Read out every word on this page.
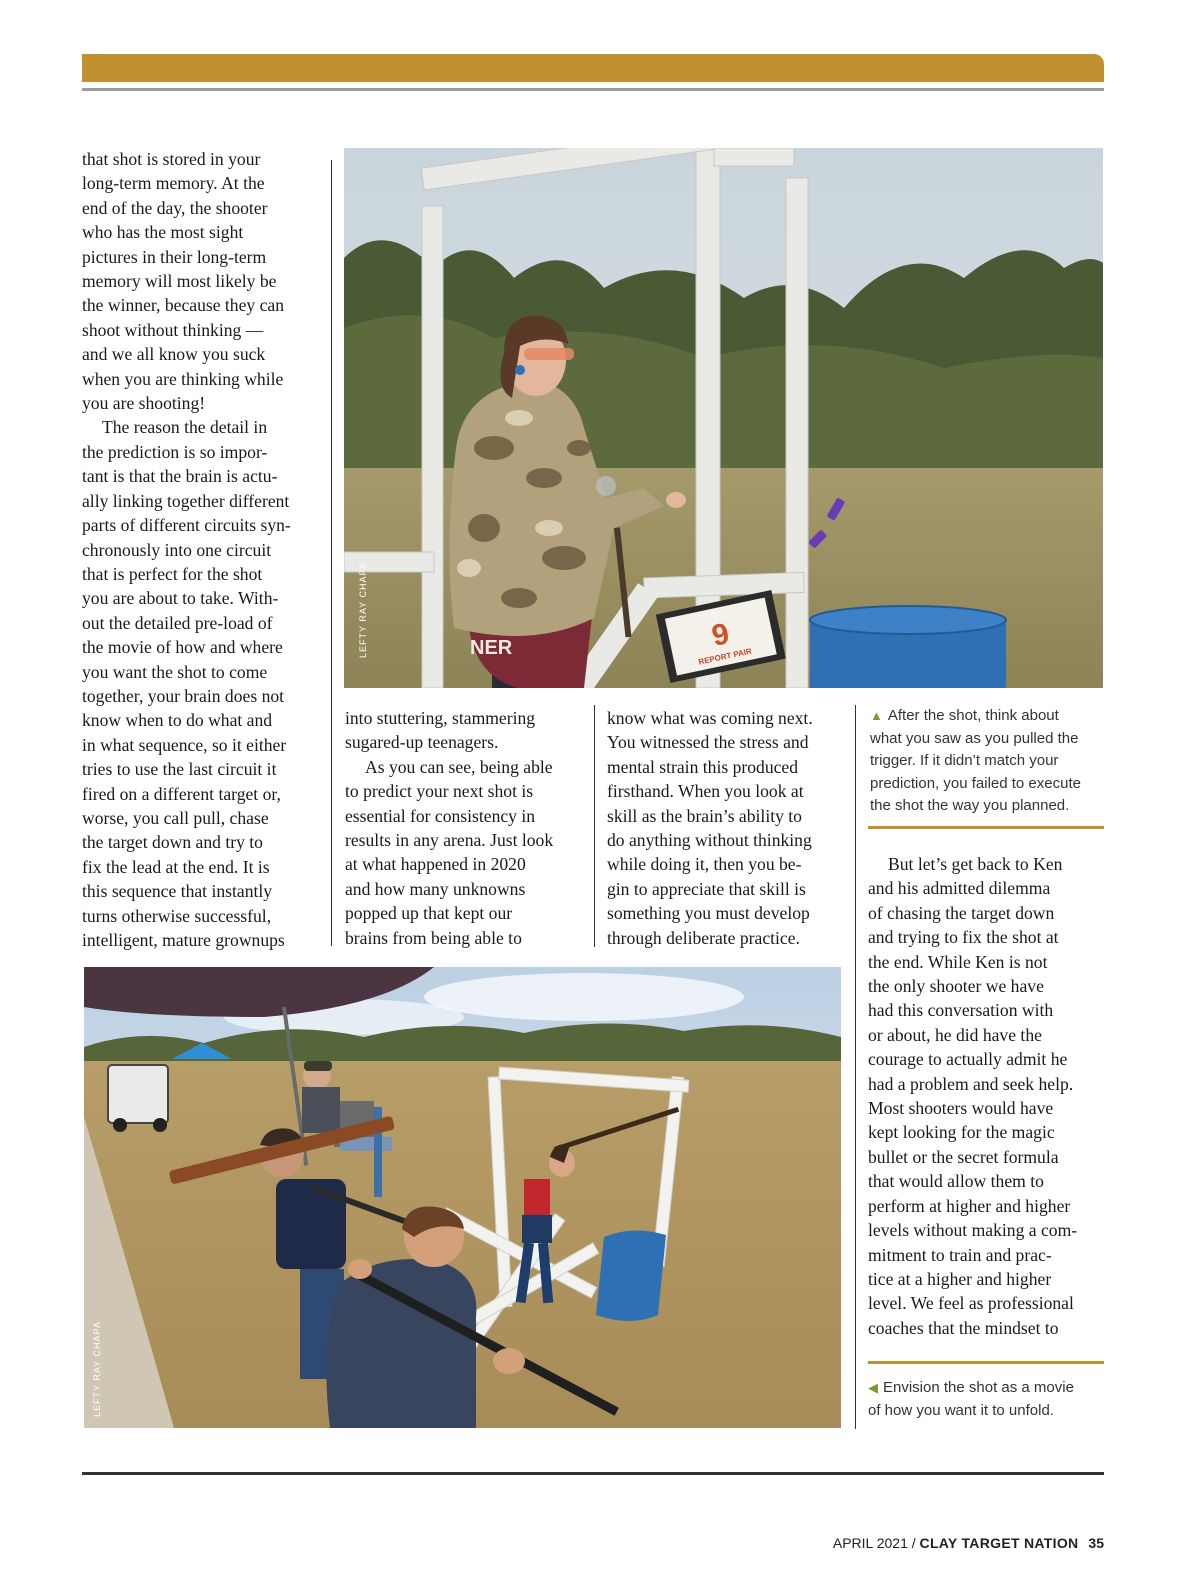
that shot is stored in your
long-term memory. At the
end of the day, the shooter
who has the most sight
pictures in their long-term
memory will most likely be
the winner, because they can
shoot without thinking —
and we all know you suck
when you are thinking while
you are shooting!

The reason the detail in
the prediction is so impor-
tant is that the brain is actu-
ally linking together different
parts of different circuits syn-
chronously into one circuit
that is perfect for the shot
you are about to take. With-
out the detailed pre-load of
the movie of how and where
you want the shot to come
together, your brain does not
know when to do what and
in what sequence, so it either
tries to use the last circuit it
fired on a different target or,
worse, you call pull, chase
the target down and try to
fix the lead at the end. It is
this sequence that instantly
turns otherwise successful,
intelligent, mature grownups

9
REPORT PAIR
NER
LEFTY RAY CHAPA
▲ After the shot, think about
what you saw as you pulled the
trigger. If it didn’t match your
prediction, you failed to execute
the shot the way you planned.

into stuttering, stammering
sugared-up teenagers.

As you can see, being able
to predict your next shot is
essential for consistency in
results in any arena. Just look
at what happened in 2020
and how many unknowns
popped up that kept our
brains from being able to

know what was coming next.
You witnessed the stress and
mental strain this produced
firsthand. When you look at
skill as the brain’s ability to
do anything without thinking
while doing it, then you be-
gin to appreciate that skill is
something you must develop
through deliberate practice.

But let’s get back to Ken
and his admitted dilemma
of chasing the target down
and trying to fix the shot at
the end. While Ken is not
the only shooter we have
had this conversation with
or about, he did have the
courage to actually admit he
had a problem and seek help.
Most shooters would have
kept looking for the magic
bullet or the secret formula
that would allow them to
perform at higher and higher
levels without making a com-
mitment to train and prac-
tice at a higher and higher
level. We feel as professional
coaches that the mindset to

◀ Envision the shot as a movie
of how you want it to unfold.
LEFTY RAY CHAPA
APRIL 2021 / CLAY TARGET NATION 35
